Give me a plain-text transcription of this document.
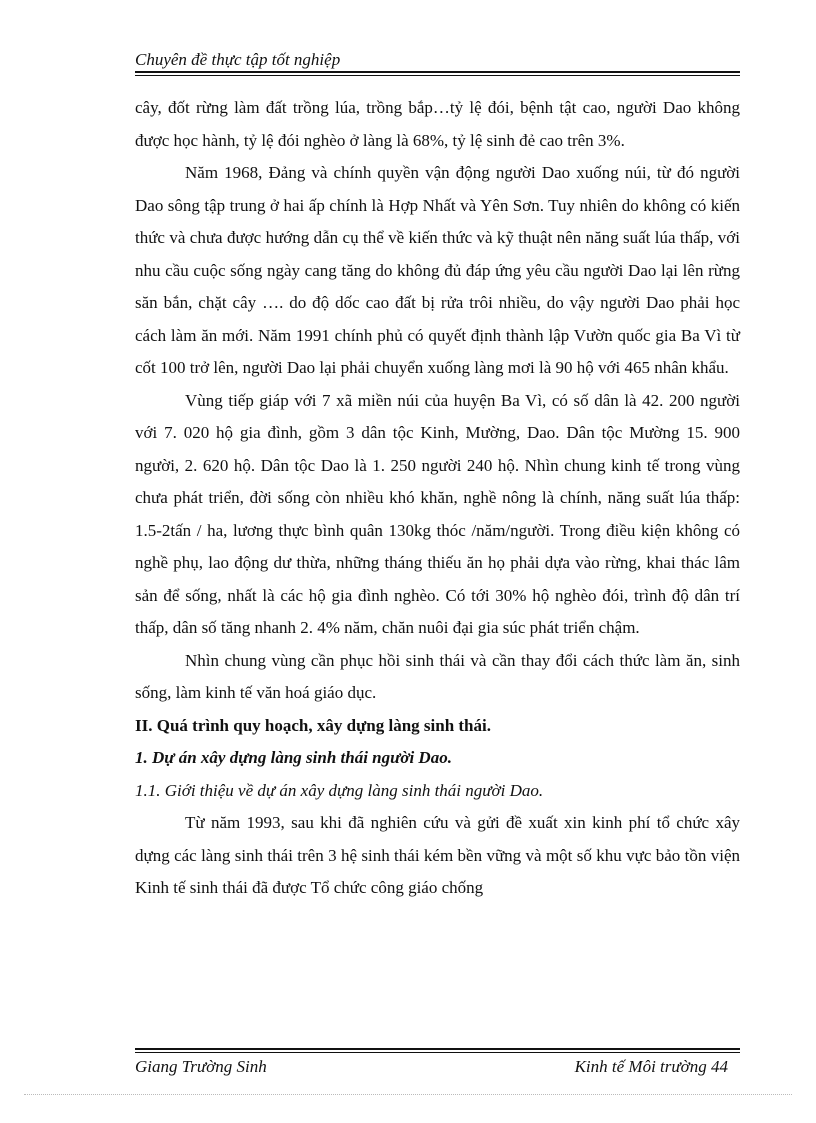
Chuyên đề thực tập tốt nghiệp

cây, đốt rừng làm đất trồng lúa, trồng bắp…tỷ lệ đói, bệnh tật cao, người Dao không được học hành, tỷ lệ đói nghèo ở làng là 68%, tỷ lệ sinh đẻ cao trên 3%.

Năm 1968, Đảng và chính quyền vận động người Dao xuống núi, từ đó người Dao sông tập trung ở hai ấp chính là Hợp Nhất và Yên Sơn. Tuy nhiên do không có kiến thức và chưa được hướng dẫn cụ thể về kiến thức và kỹ thuật nên năng suất lúa thấp, với nhu cầu cuộc sống ngày cang tăng do không đủ đáp ứng yêu cầu người Dao lại lên rừng săn bắn, chặt cây …. do độ dốc cao đất bị rửa trôi nhiều, do vậy người Dao phải học cách làm ăn mới. Năm 1991 chính phủ có quyết định thành lập Vườn quốc gia Ba Vì từ cốt 100 trở lên, người Dao lại phải chuyển xuống làng mơi là 90 hộ với 465 nhân khẩu.

Vùng tiếp giáp với 7 xã miền núi của huyện Ba Vì, có số dân là 42. 200 người với 7. 020 hộ gia đình, gồm 3 dân tộc Kinh, Mường, Dao. Dân tộc Mường 15. 900 người, 2. 620 hộ. Dân tộc Dao là 1. 250 người 240 hộ. Nhìn chung kinh tế trong vùng chưa phát triển, đời sống còn nhiều khó khăn, nghề nông là chính, năng suất lúa thấp: 1.5-2tấn / ha, lương thực bình quân 130kg thóc /năm/người. Trong điều kiện không có nghề phụ, lao động dư thừa, những tháng thiếu ăn họ phải dựa vào rừng, khai thác lâm sản để sống, nhất là các hộ gia đình nghèo. Có tới 30% hộ nghèo đói, trình độ dân trí thấp, dân số tăng nhanh 2. 4% năm, chăn nuôi đại gia súc phát triển chậm.

Nhìn chung vùng cần phục hồi sinh thái và cần thay đổi cách thức làm ăn, sinh sống, làm kinh tế văn hoá giáo dục.

II. Quá trình quy hoạch, xây dựng làng sinh thái.

1. Dự án xây dựng làng sinh thái người Dao.

1.1. Giới thiệu về dự án xây dựng làng sinh thái người Dao.

Từ năm 1993, sau khi đã nghiên cứu và gửi đề xuất xin kinh phí tổ chức xây dựng các làng sinh thái trên 3 hệ sinh thái kém bền vững và một số khu vực bảo tồn viện Kinh tế sinh thái đã được Tổ chức công giáo chống

Giang Trường Sinh	Kinh tế Môi trường 44
